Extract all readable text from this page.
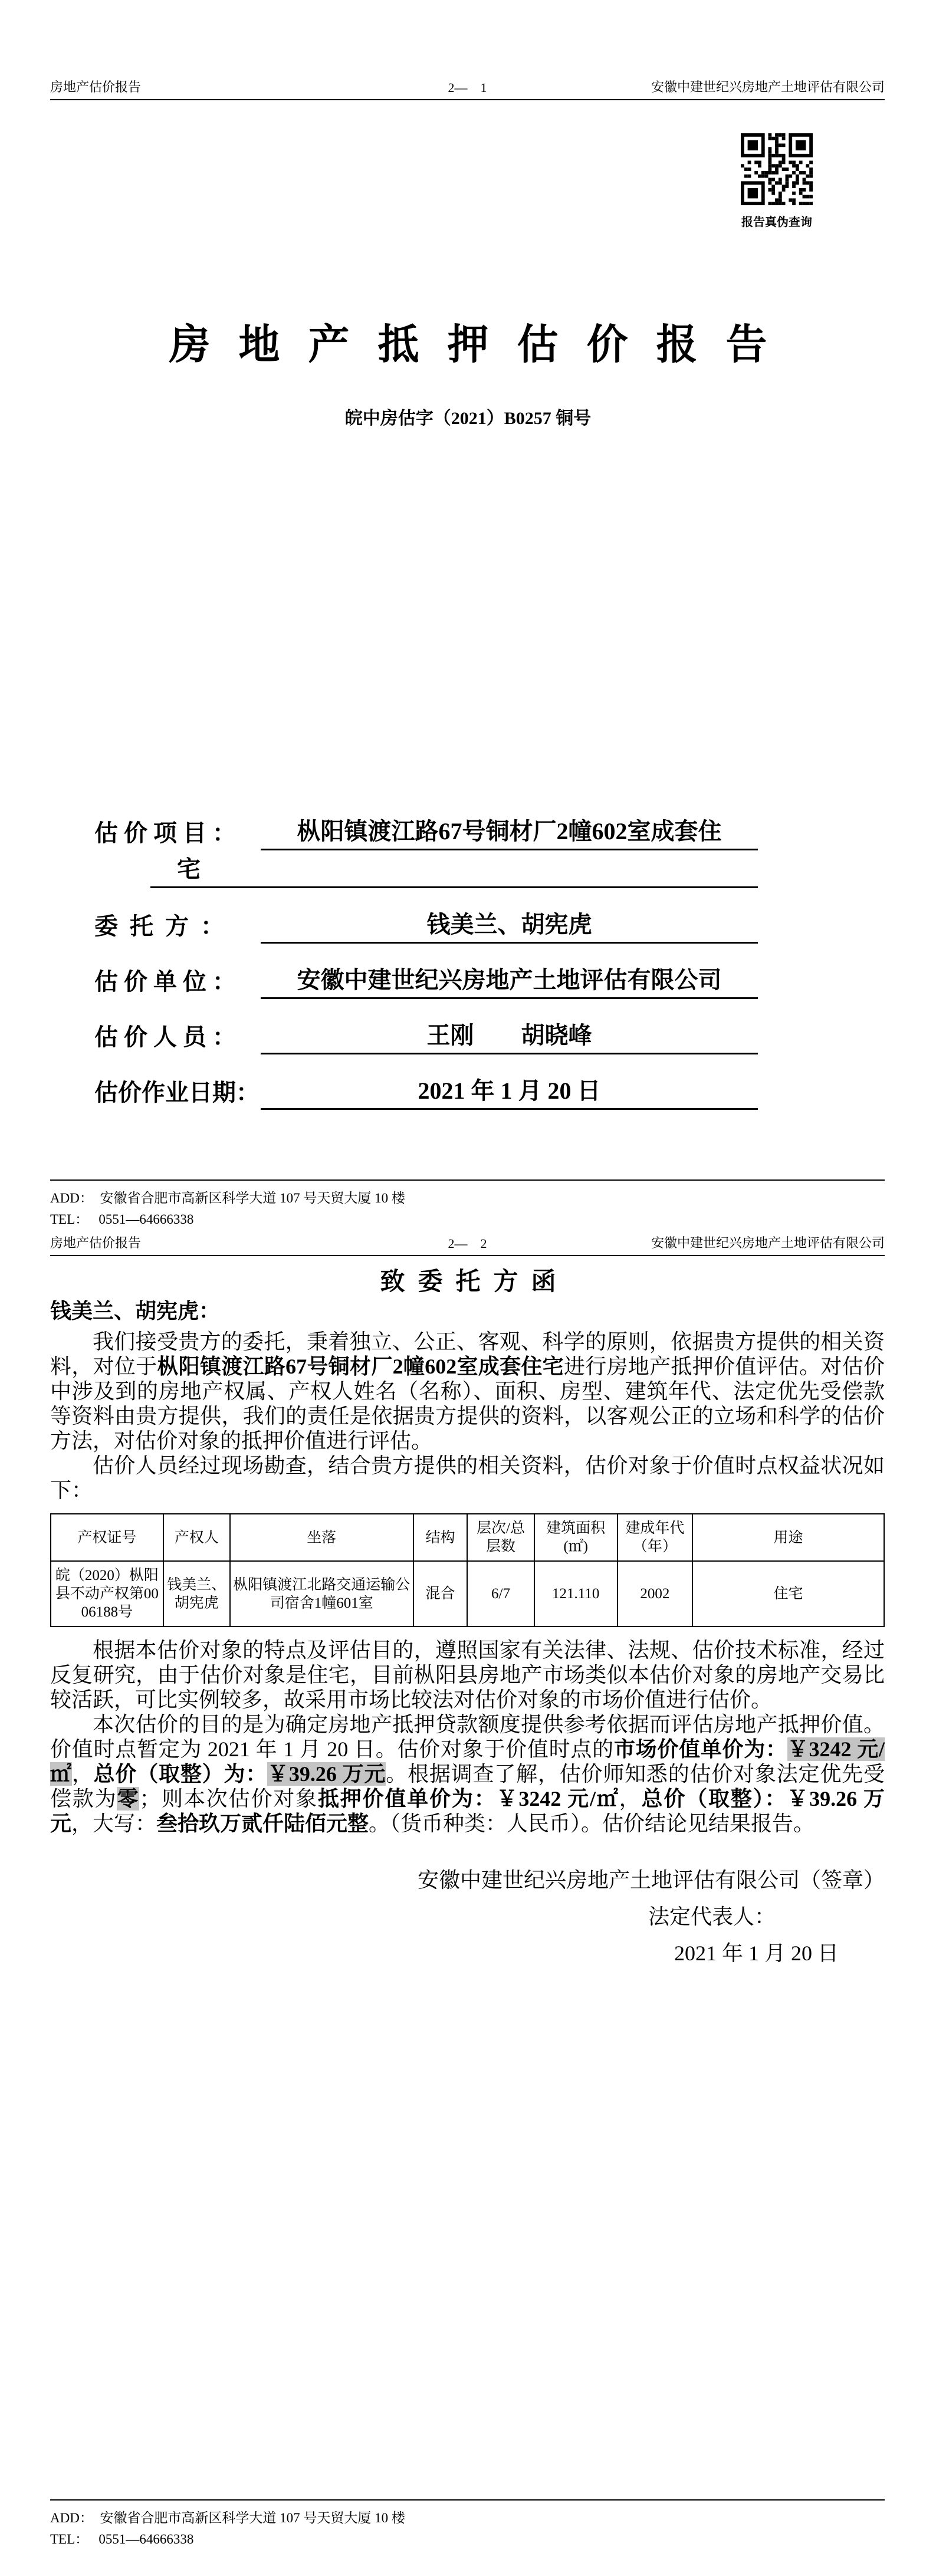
房地产估价报告	2—    1	安徽中建世纪兴房地产土地评估有限公司
报告真伪查询
房地产抵押估价报告
皖中房估字（2021）B0257 铜号
估 价 项 目 ：	枞阳镇渡江路67号铜材厂2幢602室成套住
宅
委  托  方  ：	钱美兰、胡宪虎
估 价 单 位 ：	安徽中建世纪兴房地产土地评估有限公司
估 价 人 员 ：	王刚        胡晓峰
估价作业日期：	2021 年 1 月 20 日
ADD：  安徽省合肥市高新区科学大道 107 号天贸大厦 10 楼
TEL：   0551—64666338
房地产估价报告	2—    2	安徽中建世纪兴房地产土地评估有限公司
致委托方函
钱美兰、胡宪虎：

我们接受贵方的委托，秉着独立、公正、客观、科学的原则，依据贵方提供的相关资料，对位于枞阳镇渡江路67号铜材厂2幢602室成套住宅进行房地产抵押价值评估。对估价中涉及到的房地产权属、产权人姓名（名称）、面积、房型、建筑年代、法定优先受偿款等资料由贵方提供，我们的责任是依据贵方提供的资料，以客观公正的立场和科学的估价方法，对估价对象的抵押价值进行评估。

估价人员经过现场勘查，结合贵方提供的相关资料，估价对象于价值时点权益状况如下：

产权证号	产权人	坐落	结构	层次/总层数	建筑面积(㎡)	建成年代（年）	用途
皖（2020）枞阳县不动产权第0006188号	钱美兰、胡宪虎	枞阳镇渡江北路交通运输公司宿舍1幢601室	混合	6/7	121.110	2002	住宅

根据本估价对象的特点及评估目的，遵照国家有关法律、法规、估价技术标准，经过反复研究，由于估价对象是住宅，目前枞阳县房地产市场类似本估价对象的房地产交易比较活跃，可比实例较多，故采用市场比较法对估价对象的市场价值进行估价。

本次估价的目的是为确定房地产抵押贷款额度提供参考依据而评估房地产抵押价值。价值时点暂定为 2021 年 1 月 20 日。估价对象于价值时点的市场价值单价为：￥3242 元/㎡，总价（取整）为：￥39.26 万元。根据调查了解，估价师知悉的估价对象法定优先受偿款为零；则本次估价对象抵押价值单价为：￥3242 元/㎡，总价（取整）：￥39.26 万元，大写：叁拾玖万贰仟陆佰元整。（货币种类：人民币）。估价结论见结果报告。

安徽中建世纪兴房地产土地评估有限公司（签章）
法定代表人：
2021 年 1 月 20 日
ADD：  安徽省合肥市高新区科学大道 107 号天贸大厦 10 楼
TEL：   0551—64666338
